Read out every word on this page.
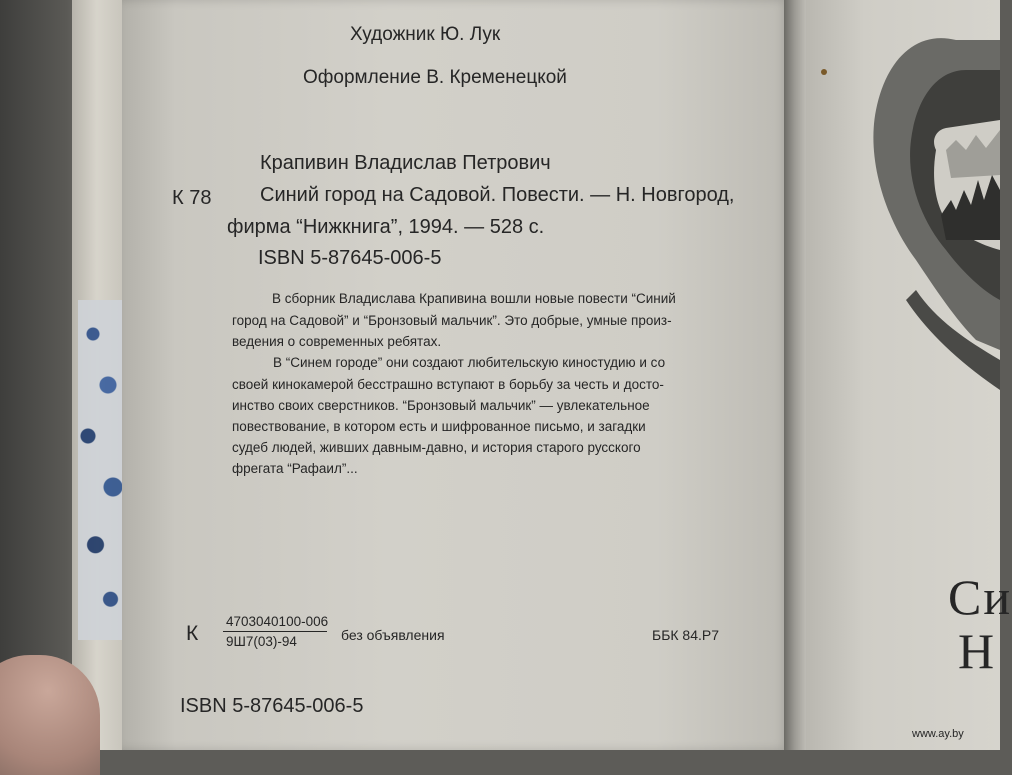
Си
Н
Художник Ю. Лук
Оформление В. Кременецкой
К 78
Крапивин Владислав Петрович
Синий город на Садовой. Повести. — Н. Новгород,
фирма “Нижкнига”, 1994. — 528 с.
ISBN 5-87645-006-5
В сборник Владислава Крапивина вошли новые повести “Синий
город на Садовой” и “Бронзовый мальчик”. Это добрые, умные произ-
ведения о современных ребятах.
В “Синем городе” они создают любительскую киностудию и со
своей кинокамерой бесстрашно вступают в борьбу за честь и досто-
инство своих сверстников. “Бронзовый мальчик” — увлекательное
повествование, в котором есть и шифрованное письмо, и загадки
судеб людей, живших давным-давно, и история старого русского
фрегата “Рафаил”...
К
4703040100-006
9Ш7(03)-94	без объявления	ББК 84.Р7
ISBN 5-87645-006-5
www.ay.by
